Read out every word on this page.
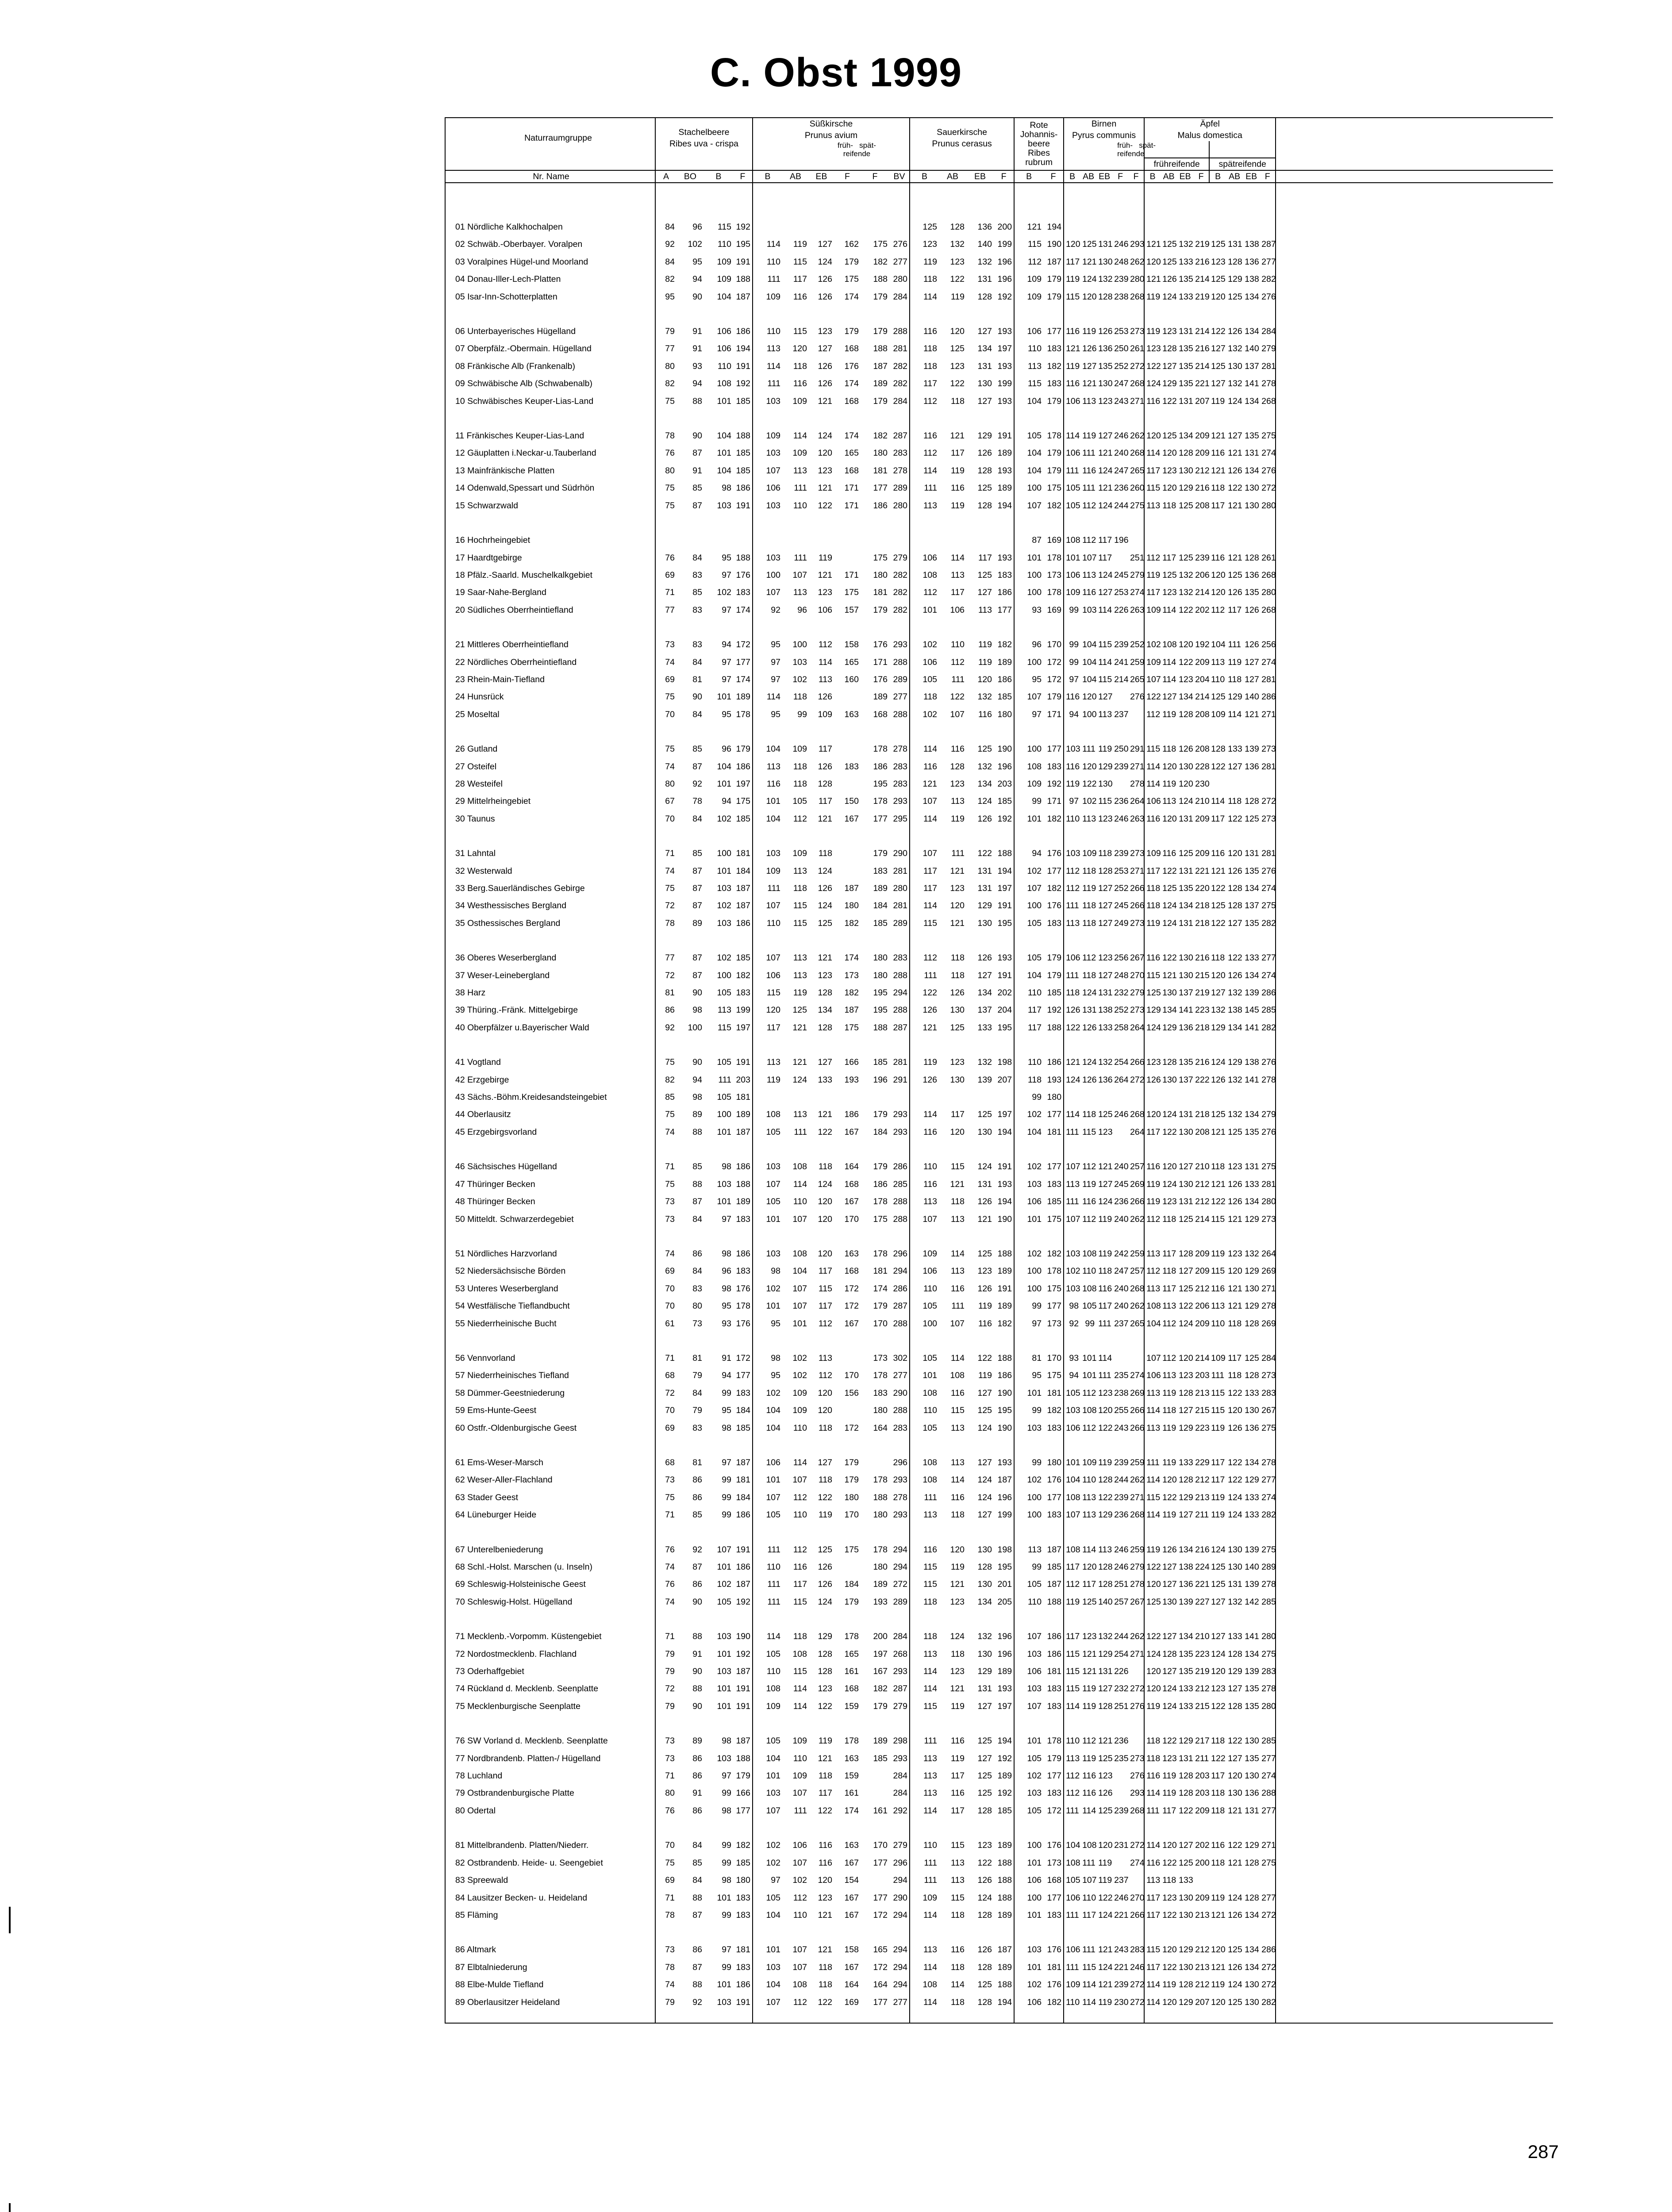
C. Obst 1999
Naturraumgruppe	Stachelbeere
Ribes uva - crispa				Süßkirsche
Prunus avium						Sauerkirsche
Prunus cerasus				Rote
Johannis-
beere
Ribes
rubrum		Birnen
Pyrus communis					Äpfel
Malus domestica								

					früh-   spät-
reifende												früh-   spät-
reifende													
																						frühreifende				spätreifende				
Nr. Name	A	BO	B	F	B	AB	EB	F	F	BV	B	AB	EB	F	B	F	B	AB	EB	F	F	B	AB	EB	F	B	AB	EB	F	

01 Nördliche Kalkhochalpen	84	96	115	192							125	128	136	200	121	194														
02 Schwäb.-Oberbayer. Voralpen	92	102	110	195	114	119	127	162	175	276	123	132	140	199	115	190	120	125	131	246	293	121	125	132	219	125	131	138	287	
03 Voralpines Hügel-und Moorland	84	95	109	191	110	115	124	179	182	277	119	123	132	196	112	187	117	121	130	248	262	120	125	133	216	123	128	136	277	
04 Donau-Iller-Lech-Platten	82	94	109	188	111	117	126	175	188	280	118	122	131	196	109	179	119	124	132	239	280	121	126	135	214	125	129	138	282	
05 Isar-Inn-Schotterplatten	95	90	104	187	109	116	126	174	179	284	114	119	128	192	109	179	115	120	128	238	268	119	124	133	219	120	125	134	276	

06 Unterbayerisches Hügelland	79	91	106	186	110	115	123	179	179	288	116	120	127	193	106	177	116	119	126	253	273	119	123	131	214	122	126	134	284	
07 Oberpfälz.-Obermain. Hügelland	77	91	106	194	113	120	127	168	188	281	118	125	134	197	110	183	121	126	136	250	261	123	128	135	216	127	132	140	279	
08 Fränkische Alb (Frankenalb)	80	93	110	191	114	118	126	176	187	282	118	123	131	193	113	182	119	127	135	252	272	122	127	135	214	125	130	137	281	
09 Schwäbische Alb (Schwabenalb)	82	94	108	192	111	116	126	174	189	282	117	122	130	199	115	183	116	121	130	247	268	124	129	135	221	127	132	141	278	
10 Schwäbisches Keuper-Lias-Land	75	88	101	185	103	109	121	168	179	284	112	118	127	193	104	179	106	113	123	243	271	116	122	131	207	119	124	134	268	

11 Fränkisches Keuper-Lias-Land	78	90	104	188	109	114	124	174	182	287	116	121	129	191	105	178	114	119	127	246	262	120	125	134	209	121	127	135	275	
12 Gäuplatten i.Neckar-u.Tauberland	76	87	101	185	103	109	120	165	180	283	112	117	126	189	104	179	106	111	121	240	268	114	120	128	209	116	121	131	274	
13 Mainfränkische Platten	80	91	104	185	107	113	123	168	181	278	114	119	128	193	104	179	111	116	124	247	265	117	123	130	212	121	126	134	276	
14 Odenwald,Spessart und Südrhön	75	85	98	186	106	111	121	171	177	289	111	116	125	189	100	175	105	111	121	236	260	115	120	129	216	118	122	130	272	
15 Schwarzwald	75	87	103	191	103	110	122	171	186	280	113	119	128	194	107	182	105	112	124	244	275	113	118	125	208	117	121	130	280	

16 Hochrheingebiet															87	169	108	112	117	196										
17 Haardtgebirge	76	84	95	188	103	111	119		175	279	106	114	117	193	101	178	101	107	117		251	112	117	125	239	116	121	128	261	
18 Pfälz.-Saarld. Muschelkalkgebiet	69	83	97	176	100	107	121	171	180	282	108	113	125	183	100	173	106	113	124	245	279	119	125	132	206	120	125	136	268	
19 Saar-Nahe-Bergland	71	85	102	183	107	113	123	175	181	282	112	117	127	186	100	178	109	116	127	253	274	117	123	132	214	120	126	135	280	
20 Südliches Oberrheintiefland	77	83	97	174	92	96	106	157	179	282	101	106	113	177	93	169	99	103	114	226	263	109	114	122	202	112	117	126	268	

21 Mittleres Oberrheintiefland	73	83	94	172	95	100	112	158	176	293	102	110	119	182	96	170	99	104	115	239	252	102	108	120	192	104	111	126	256	
22 Nördliches Oberrheintiefland	74	84	97	177	97	103	114	165	171	288	106	112	119	189	100	172	99	104	114	241	259	109	114	122	209	113	119	127	274	
23 Rhein-Main-Tiefland	69	81	97	174	97	102	113	160	176	289	105	111	120	186	95	172	97	104	115	214	265	107	114	123	204	110	118	127	281	
24 Hunsrück	75	90	101	189	114	118	126		189	277	118	122	132	185	107	179	116	120	127		276	122	127	134	214	125	129	140	286	
25 Moseltal	70	84	95	178	95	99	109	163	168	288	102	107	116	180	97	171	94	100	113	237		112	119	128	208	109	114	121	271	

26 Gutland	75	85	96	179	104	109	117		178	278	114	116	125	190	100	177	103	111	119	250	291	115	118	126	208	128	133	139	273	
27 Osteifel	74	87	104	186	113	118	126	183	186	283	116	128	132	196	108	183	116	120	129	239	271	114	120	130	228	122	127	136	281	
28 Westeifel	80	92	101	197	116	118	128		195	283	121	123	134	203	109	192	119	122	130		278	114	119	120	230					
29 Mittelrheingebiet	67	78	94	175	101	105	117	150	178	293	107	113	124	185	99	171	97	102	115	236	264	106	113	124	210	114	118	128	272	
30 Taunus	70	84	102	185	104	112	121	167	177	295	114	119	126	192	101	182	110	113	123	246	263	116	120	131	209	117	122	125	273	

31 Lahntal	71	85	100	181	103	109	118		179	290	107	111	122	188	94	176	103	109	118	239	273	109	116	125	209	116	120	131	281	
32 Westerwald	74	87	101	184	109	113	124		183	281	117	121	131	194	102	177	112	118	128	253	271	117	122	131	221	121	126	135	276	
33 Berg.Sauerländisches Gebirge	75	87	103	187	111	118	126	187	189	280	117	123	131	197	107	182	112	119	127	252	266	118	125	135	220	122	128	134	274	
34 Westhessisches Bergland	72	87	102	187	107	115	124	180	184	281	114	120	129	191	100	176	111	118	127	245	266	118	124	134	218	125	128	137	275	
35 Osthessisches Bergland	78	89	103	186	110	115	125	182	185	289	115	121	130	195	105	183	113	118	127	249	273	119	124	131	218	122	127	135	282	

36 Oberes Weserbergland	77	87	102	185	107	113	121	174	180	283	112	118	126	193	105	179	106	112	123	256	267	116	122	130	216	118	122	133	277	
37 Weser-Leinebergland	72	87	100	182	106	113	123	173	180	288	111	118	127	191	104	179	111	118	127	248	270	115	121	130	215	120	126	134	274	
38 Harz	81	90	105	183	115	119	128	182	195	294	122	126	134	202	110	185	118	124	131	232	279	125	130	137	219	127	132	139	286	
39 Thüring.-Fränk. Mittelgebirge	86	98	113	199	120	125	134	187	195	288	126	130	137	204	117	192	126	131	138	252	273	129	134	141	223	132	138	145	285	
40 Oberpfälzer u.Bayerischer Wald	92	100	115	197	117	121	128	175	188	287	121	125	133	195	117	188	122	126	133	258	264	124	129	136	218	129	134	141	282	

41 Vogtland	75	90	105	191	113	121	127	166	185	281	119	123	132	198	110	186	121	124	132	254	266	123	128	135	216	124	129	138	276	
42 Erzgebirge	82	94	111	203	119	124	133	193	196	291	126	130	139	207	118	193	124	126	136	264	272	126	130	137	222	126	132	141	278	
43 Sächs.-Böhm.Kreidesandsteingebiet	85	98	105	181											99	180														
44 Oberlausitz	75	89	100	189	108	113	121	186	179	293	114	117	125	197	102	177	114	118	125	246	268	120	124	131	218	125	132	134	279	
45 Erzgebirgsvorland	74	88	101	187	105	111	122	167	184	293	116	120	130	194	104	181	111	115	123		264	117	122	130	208	121	125	135	276	

46 Sächsisches Hügelland	71	85	98	186	103	108	118	164	179	286	110	115	124	191	102	177	107	112	121	240	257	116	120	127	210	118	123	131	275	
47 Thüringer Becken	75	88	103	188	107	114	124	168	186	285	116	121	131	193	103	183	113	119	127	245	269	119	124	130	212	121	126	133	281	
48 Thüringer Becken	73	87	101	189	105	110	120	167	178	288	113	118	126	194	106	185	111	116	124	236	266	119	123	131	212	122	126	134	280	
50 Mitteldt. Schwarzerdegebiet	73	84	97	183	101	107	120	170	175	288	107	113	121	190	101	175	107	112	119	240	262	112	118	125	214	115	121	129	273	

51 Nördliches Harzvorland	74	86	98	186	103	108	120	163	178	296	109	114	125	188	102	182	103	108	119	242	259	113	117	128	209	119	123	132	264	
52 Niedersächsische Börden	69	84	96	183	98	104	117	168	181	294	106	113	123	189	100	178	102	110	118	247	257	112	118	127	209	115	120	129	269	
53 Unteres Weserbergland	70	83	98	176	102	107	115	172	174	286	110	116	126	191	100	175	103	108	116	240	268	113	117	125	212	116	121	130	271	
54 Westfälische Tieflandbucht	70	80	95	178	101	107	117	172	179	287	105	111	119	189	99	177	98	105	117	240	262	108	113	122	206	113	121	129	278	
55 Niederrheinische Bucht	61	73	93	176	95	101	112	167	170	288	100	107	116	182	97	173	92	99	111	237	265	104	112	124	209	110	118	128	269	

56 Vennvorland	71	81	91	172	98	102	113		173	302	105	114	122	188	81	170	93	101	114			107	112	120	214	109	117	125	284	
57 Niederrheinisches Tiefland	68	79	94	177	95	102	112	170	178	277	101	108	119	186	95	175	94	101	111	235	274	106	113	123	203	111	118	128	273	
58 Dümmer-Geestniederung	72	84	99	183	102	109	120	156	183	290	108	116	127	190	101	181	105	112	123	238	269	113	119	128	213	115	122	133	283	
59 Ems-Hunte-Geest	70	79	95	184	104	109	120		180	288	110	115	125	195	99	182	103	108	120	255	266	114	118	127	215	115	120	130	267	
60 Ostfr.-Oldenburgische Geest	69	83	98	185	104	110	118	172	164	283	105	113	124	190	103	183	106	112	122	243	266	113	119	129	223	119	126	136	275	

61 Ems-Weser-Marsch	68	81	97	187	106	114	127	179		296	108	113	127	193	99	180	101	109	119	239	259	111	119	133	229	117	122	134	278	
62 Weser-Aller-Flachland	73	86	99	181	101	107	118	179	178	293	108	114	124	187	102	176	104	110	128	244	262	114	120	128	212	117	122	129	277	
63 Stader Geest	75	86	99	184	107	112	122	180	188	278	111	116	124	196	100	177	108	113	122	239	271	115	122	129	213	119	124	133	274	
64 Lüneburger Heide	71	85	99	186	105	110	119	170	180	293	113	118	127	199	100	183	107	113	129	236	268	114	119	127	211	119	124	133	282	

67 Unterelbeniederung	76	92	107	191	111	112	125	175	178	294	116	120	130	198	113	187	108	114	113	246	259	119	126	134	216	124	130	139	275	
68 Schl.-Holst. Marschen (u. Inseln)	74	87	101	186	110	116	126		180	294	115	119	128	195	99	185	117	120	128	246	279	122	127	138	224	125	130	140	289	
69 Schleswig-Holsteinische Geest	76	86	102	187	111	117	126	184	189	272	115	121	130	201	105	187	112	117	128	251	278	120	127	136	221	125	131	139	278	
70 Schleswig-Holst. Hügelland	74	90	105	192	111	115	124	179	193	289	118	123	134	205	110	188	119	125	140	257	267	125	130	139	227	127	132	142	285	

71 Mecklenb.-Vorpomm. Küstengebiet	71	88	103	190	114	118	129	178	200	284	118	124	132	196	107	186	117	123	132	244	262	122	127	134	210	127	133	141	280	
72 Nordostmecklenb. Flachland	79	91	101	192	105	108	128	165	197	268	113	118	130	196	103	186	115	121	129	254	271	124	128	135	223	124	128	134	275	
73 Oderhaffgebiet	79	90	103	187	110	115	128	161	167	293	114	123	129	189	106	181	115	121	131	226		120	127	135	219	120	129	139	283	
74 Rückland d. Mecklenb. Seenplatte	72	88	101	191	108	114	123	168	182	287	114	121	131	193	103	183	115	119	127	232	272	120	124	133	212	123	127	135	278	
75 Mecklenburgische Seenplatte	79	90	101	191	109	114	122	159	179	279	115	119	127	197	107	183	114	119	128	251	276	119	124	133	215	122	128	135	280	

76 SW Vorland d. Mecklenb. Seenplatte	73	89	98	187	105	109	119	178	189	298	111	116	125	194	101	178	110	112	121	236		118	122	129	217	118	122	130	285	
77 Nordbrandenb. Platten-/ Hügelland	73	86	103	188	104	110	121	163	185	293	113	119	127	192	105	179	113	119	125	235	273	118	123	131	211	122	127	135	277	
78 Luchland	71	86	97	179	101	109	118	159		284	113	117	125	189	102	177	112	116	123		276	116	119	128	203	117	120	130	274	
79 Ostbrandenburgische Platte	80	91	99	166	103	107	117	161		284	113	116	125	192	103	183	112	116	126		293	114	119	128	203	118	130	136	288	
80 Odertal	76	86	98	177	107	111	122	174	161	292	114	117	128	185	105	172	111	114	125	239	268	111	117	122	209	118	121	131	277	

81 Mittelbrandenb. Platten/Niederr.	70	84	99	182	102	106	116	163	170	279	110	115	123	189	100	176	104	108	120	231	272	114	120	127	202	116	122	129	271	
82 Ostbrandenb. Heide- u. Seengebiet	75	85	99	185	102	107	116	167	177	296	111	113	122	188	101	173	108	111	119		274	116	122	125	200	118	121	128	275	
83 Spreewald	69	84	98	180	97	102	120	154		294	111	113	126	188	106	168	105	107	119	237		113	118	133						
84 Lausitzer Becken- u. Heideland	71	88	101	183	105	112	123	167	177	290	109	115	124	188	100	177	106	110	122	246	270	117	123	130	209	119	124	128	277	
85 Fläming	78	87	99	183	104	110	121	167	172	294	114	118	128	189	101	183	111	117	124	221	266	117	122	130	213	121	126	134	272	

86 Altmark	73	86	97	181	101	107	121	158	165	294	113	116	126	187	103	176	106	111	121	243	283	115	120	129	212	120	125	134	286	
87 Elbtalniederung	78	87	99	183	103	107	118	167	172	294	114	118	128	189	101	181	111	115	124	221	246	117	122	130	213	121	126	134	272	
88 Elbe-Mulde Tiefland	74	88	101	186	104	108	118	164	164	294	108	114	125	188	102	176	109	114	121	239	272	114	119	128	212	119	124	130	272	
89 Oberlausitzer Heideland	79	92	103	191	107	112	122	169	177	277	114	118	128	194	106	182	110	114	119	230	272	114	120	129	207	120	125	130	282	

287
